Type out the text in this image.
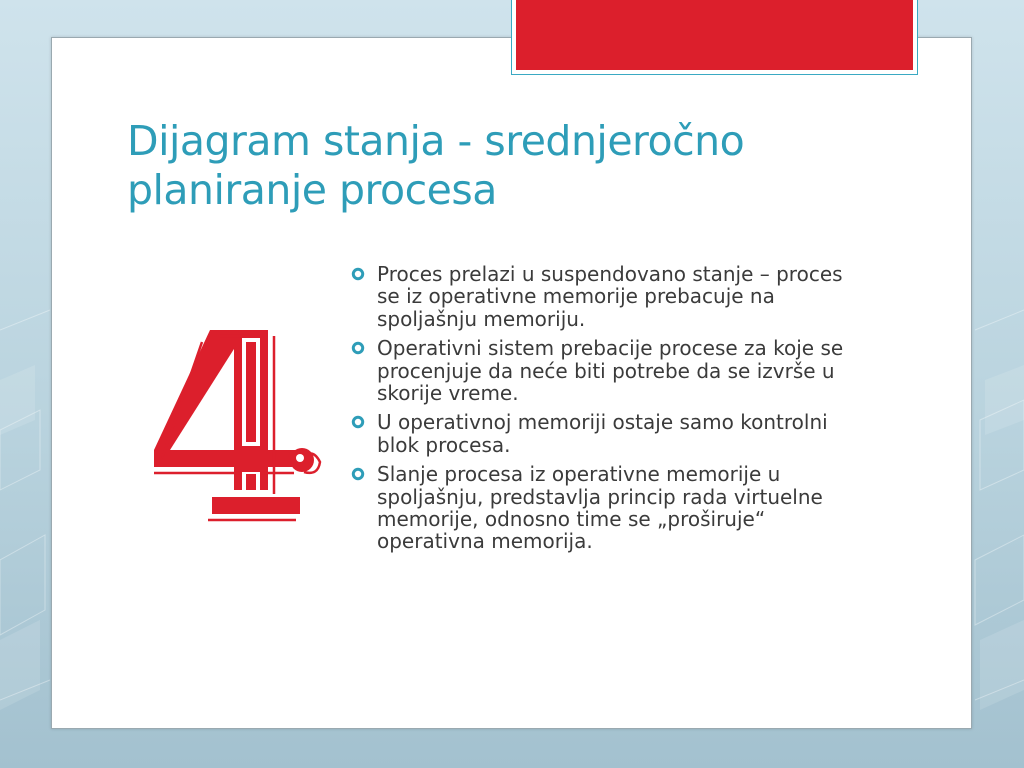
Dijagram stanja - srednjeročno planiranje procesa
Proces prelazi u suspendovano stanje – proces se iz operativne memorije prebacuje na spoljašnju memoriju.
Operativni sistem prebacije procese za koje se procenjuje da neće biti potrebe da se izvrše u skorije vreme.
U operativnoj memoriji ostaje samo kontrolni blok procesa.
Slanje procesa iz operativne memorije u spoljašnju, predstavlja princip rada virtuelne memorije, odnosno time se „proširuje“ operativna memorija.
